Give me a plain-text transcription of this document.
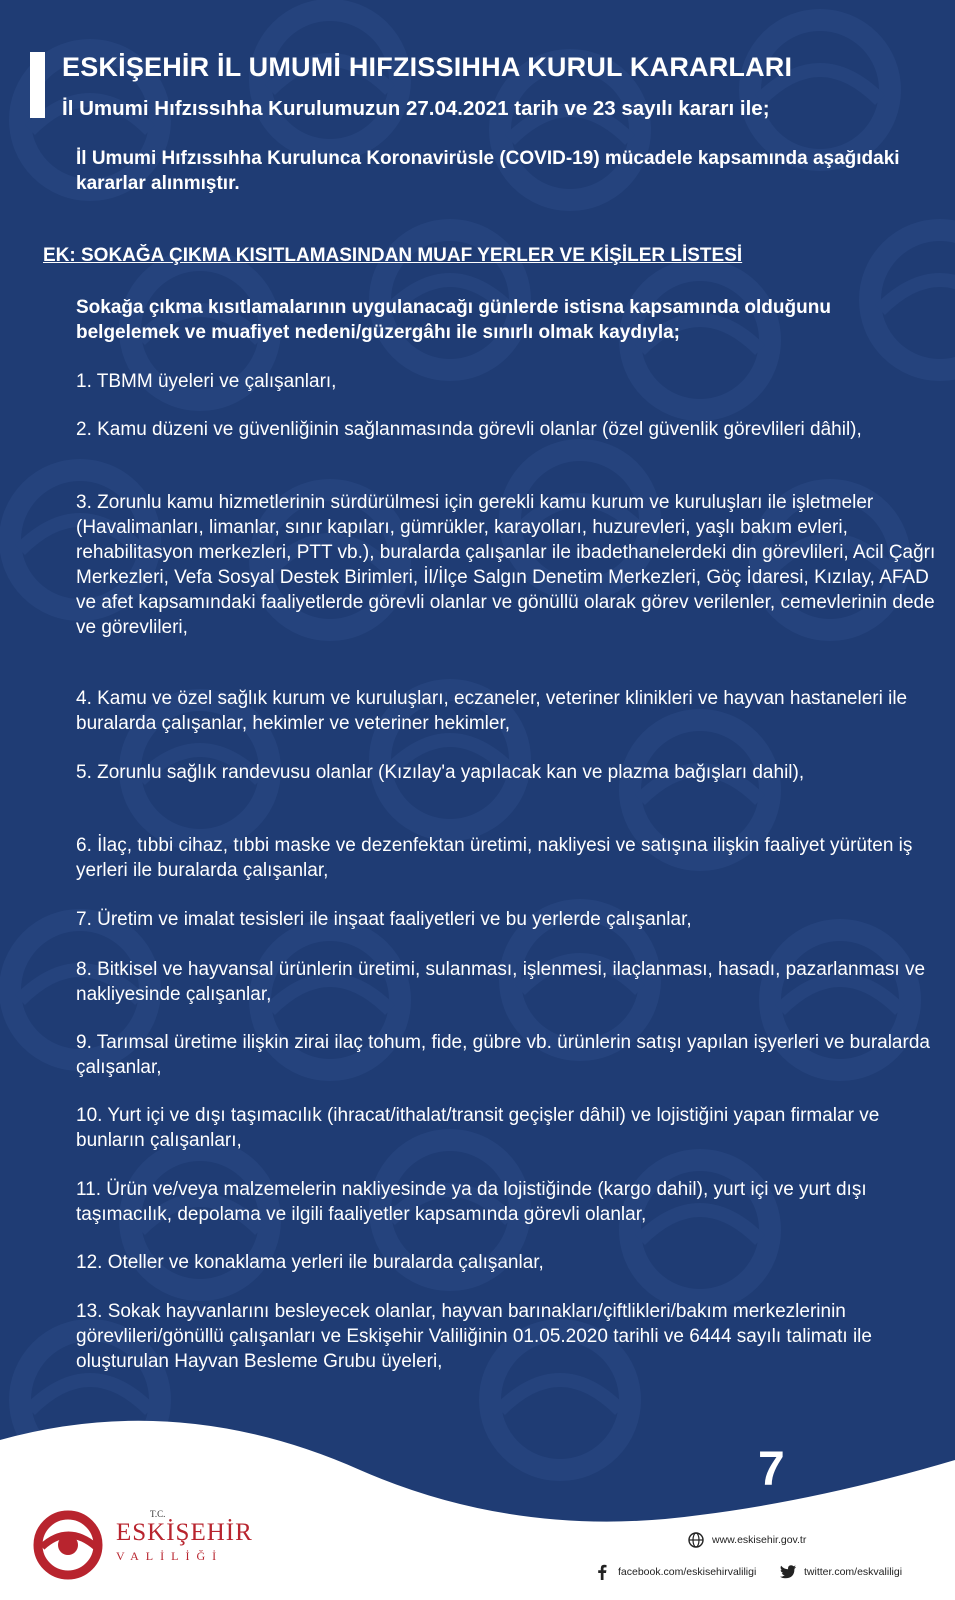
ESKİŞEHİR İL UMUMİ HIFZISSIHHA KURUL KARARLARI
İl Umumi Hıfzıssıhha Kurulumuzun 27.04.2021 tarih ve 23 sayılı kararı ile;
İl Umumi Hıfzıssıhha Kurulunca Koronavirüsle (COVID-19) mücadele kapsamında aşağıdaki kararlar alınmıştır.
EK: SOKAĞA ÇIKMA KISITLAMASINDAN MUAF YERLER VE KİŞİLER LİSTESİ
Sokağa çıkma kısıtlamalarının uygulanacağı günlerde istisna kapsamında olduğunu belgelemek ve muafiyet nedeni/güzergâhı ile sınırlı olmak kaydıyla;
1. TBMM üyeleri ve çalışanları,
2. Kamu düzeni ve güvenliğinin sağlanmasında görevli olanlar (özel güvenlik görevlileri dâhil),
3. Zorunlu kamu hizmetlerinin sürdürülmesi için gerekli kamu kurum ve kuruluşları ile işletmeler (Havalimanları, limanlar, sınır kapıları, gümrükler, karayolları, huzurevleri, yaşlı bakım evleri, rehabilitasyon merkezleri, PTT vb.), buralarda çalışanlar ile ibadethanelerdeki din görevlileri, Acil Çağrı Merkezleri, Vefa Sosyal Destek Birimleri, İl/İlçe Salgın Denetim Merkezleri, Göç İdaresi, Kızılay, AFAD ve afet kapsamındaki faaliyetlerde görevli olanlar ve gönüllü olarak görev verilenler, cemevlerinin dede ve görevlileri,
4. Kamu ve özel sağlık kurum ve kuruluşları, eczaneler, veteriner klinikleri ve hayvan hastaneleri ile buralarda çalışanlar, hekimler ve veteriner hekimler,
5. Zorunlu sağlık randevusu olanlar (Kızılay'a yapılacak kan ve plazma bağışları dahil),
6. İlaç, tıbbi cihaz, tıbbi maske ve dezenfektan üretimi, nakliyesi ve satışına ilişkin faaliyet yürüten iş yerleri ile buralarda çalışanlar,
7. Üretim ve imalat tesisleri ile inşaat faaliyetleri ve bu yerlerde çalışanlar,
8. Bitkisel ve hayvansal ürünlerin üretimi, sulanması, işlenmesi, ilaçlanması, hasadı, pazarlanması ve nakliyesinde çalışanlar,
9. Tarımsal üretime ilişkin zirai ilaç tohum, fide, gübre vb. ürünlerin satışı yapılan işyerleri ve buralarda çalışanlar,
10. Yurt içi ve dışı taşımacılık (ihracat/ithalat/transit geçişler dâhil) ve lojistiğini yapan firmalar ve bunların çalışanları,
11. Ürün ve/veya malzemelerin nakliyesinde ya da lojistiğinde (kargo dahil), yurt içi ve yurt dışı taşımacılık, depolama ve ilgili faaliyetler kapsamında görevli olanlar,
12. Oteller ve konaklama yerleri ile buralarda çalışanlar,
13. Sokak hayvanlarını besleyecek olanlar, hayvan barınakları/çiftlikleri/bakım merkezlerinin görevlileri/gönüllü çalışanları ve Eskişehir Valiliğinin 01.05.2020 tarihli ve 6444 sayılı talimatı ile oluşturulan Hayvan Besleme Grubu üyeleri,
7
T.C.
ESKİŞEHİR
VALİLİĞİ
www.eskisehir.gov.tr
facebook.com/eskisehirvaliligi	twitter.com/eskvaliligi
